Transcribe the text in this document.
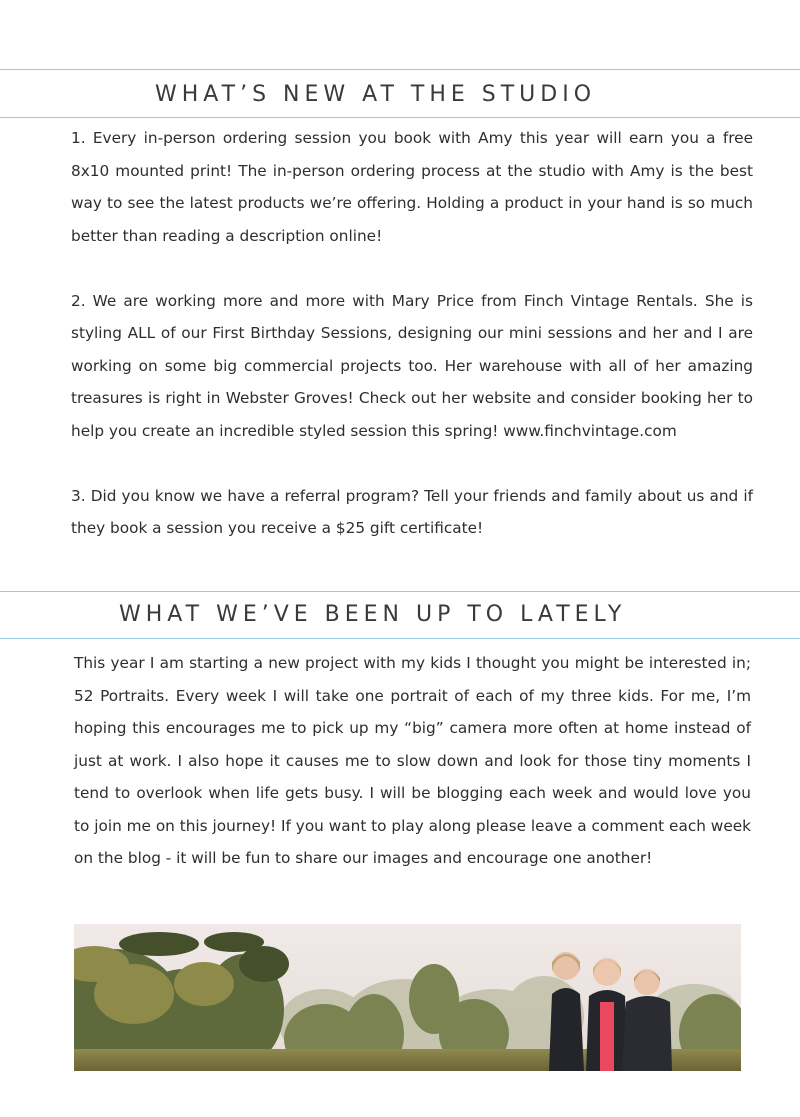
WHAT’S NEW AT THE STUDIO

1. Every in-person ordering session you book with Amy this year will earn you a free 8x10 mounted print! The in-person ordering process at the studio with Amy is the best way to see the latest products we’re offering. Holding a product in your hand is so much better than reading a description online!

2. We are working more and more with Mary Price from Finch Vintage Rentals. She is styling ALL of our First Birthday Sessions, designing our mini sessions and her and I are working on some big commercial projects too. Her warehouse with all of her amazing treasures is right in Webster Groves! Check out her website and consider booking her to help you create an incredible styled session this spring! www.finchvintage.com

3. Did you know we have a referral program? Tell your friends and family about us and if they book a session you receive a $25 gift certificate!

WHAT WE’VE BEEN UP TO LATELY

This year I am starting a new project with my kids I thought you might be interested in; 52 Portraits. Every week I will take one portrait of each of my three kids. For me, I’m hoping this encourages me to pick up my “big” camera more often at home instead of just at work. I also hope it causes me to slow down and look for those tiny moments I tend to overlook when life gets busy. I will be blogging each week and would love you to join me on this journey! If you want to play along please leave a comment each week on the blog - it will be fun to share our images and encourage one another!
